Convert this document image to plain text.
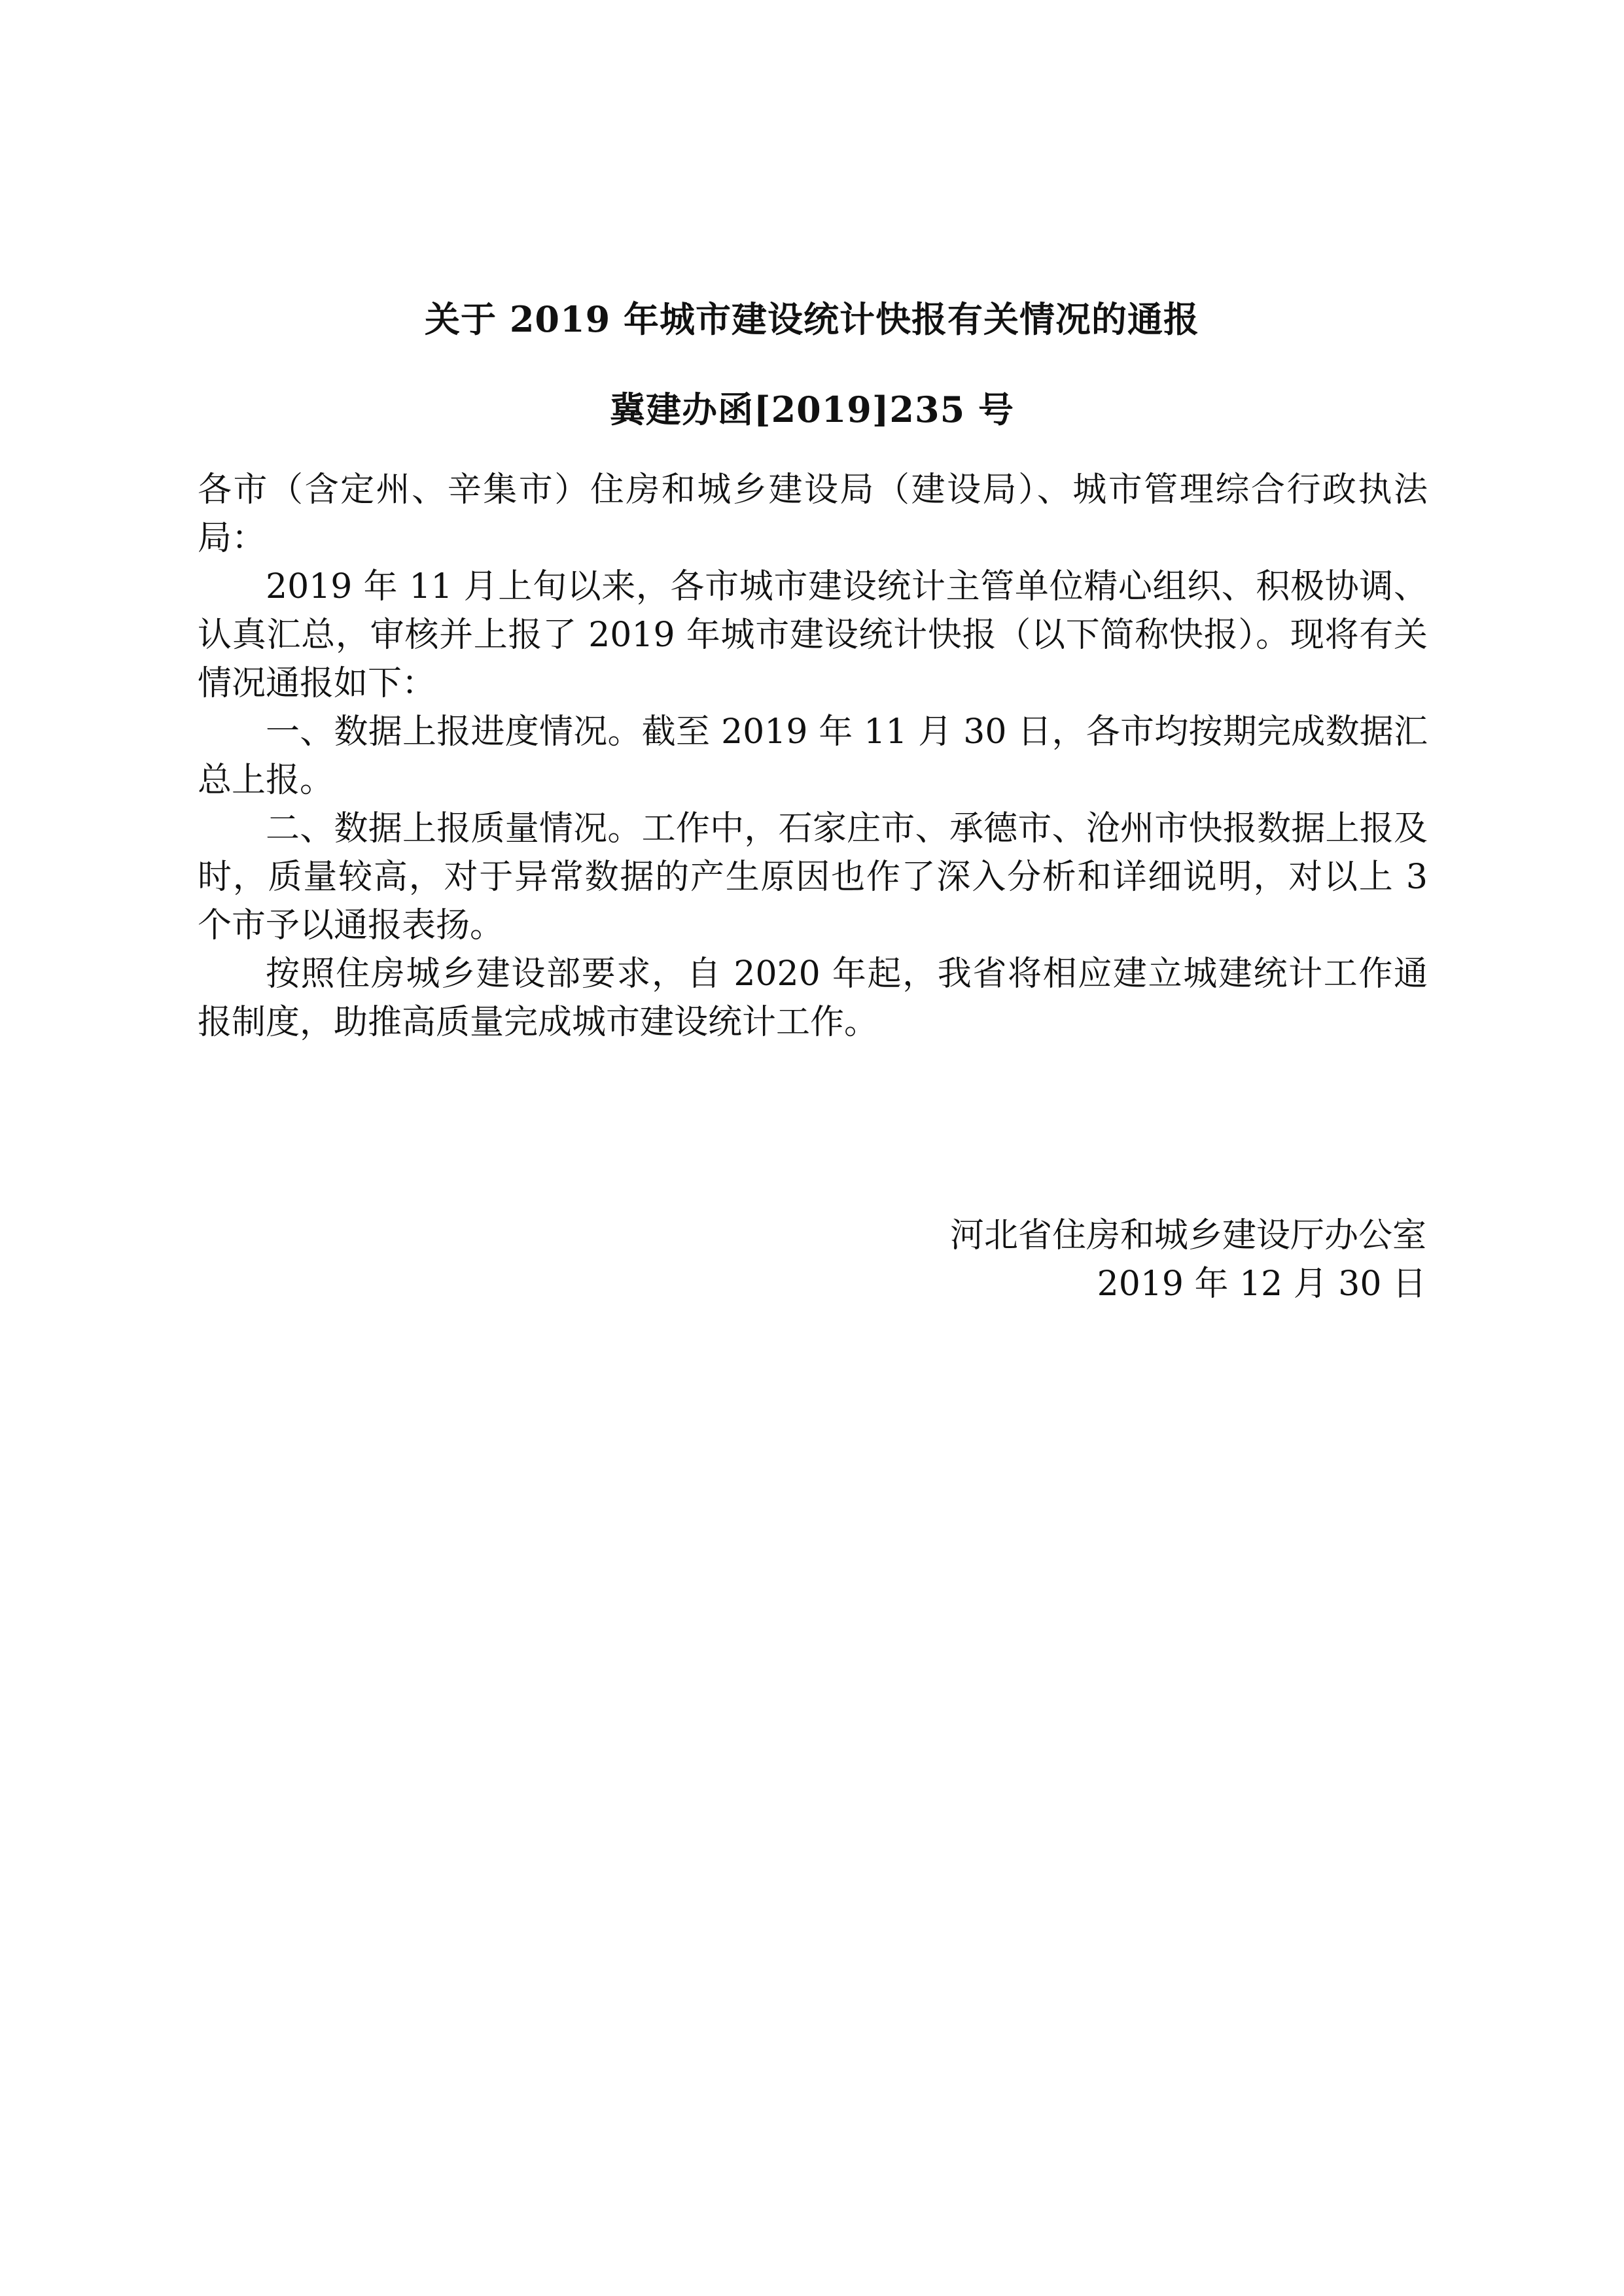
关于 2019 年城市建设统计快报有关情况的通报
冀建办函[2019]235 号

各市（含定州、辛集市）住房和城乡建设局（建设局）、城市管理综合行政执法局：

2019 年 11 月上旬以来，各市城市建设统计主管单位精心组织、积极协调、认真汇总，审核并上报了 2019 年城市建设统计快报（以下简称快报）。现将有关情况通报如下：

一、数据上报进度情况。截至 2019 年 11 月 30 日，各市均按期完成数据汇总上报。

二、数据上报质量情况。工作中，石家庄市、承德市、沧州市快报数据上报及时，质量较高，对于异常数据的产生原因也作了深入分析和详细说明，对以上 3 个市予以通报表扬。

按照住房城乡建设部要求，自 2020 年起，我省将相应建立城建统计工作通报制度，助推高质量完成城市建设统计工作。

河北省住房和城乡建设厅办公室
2019 年 12 月 30 日
